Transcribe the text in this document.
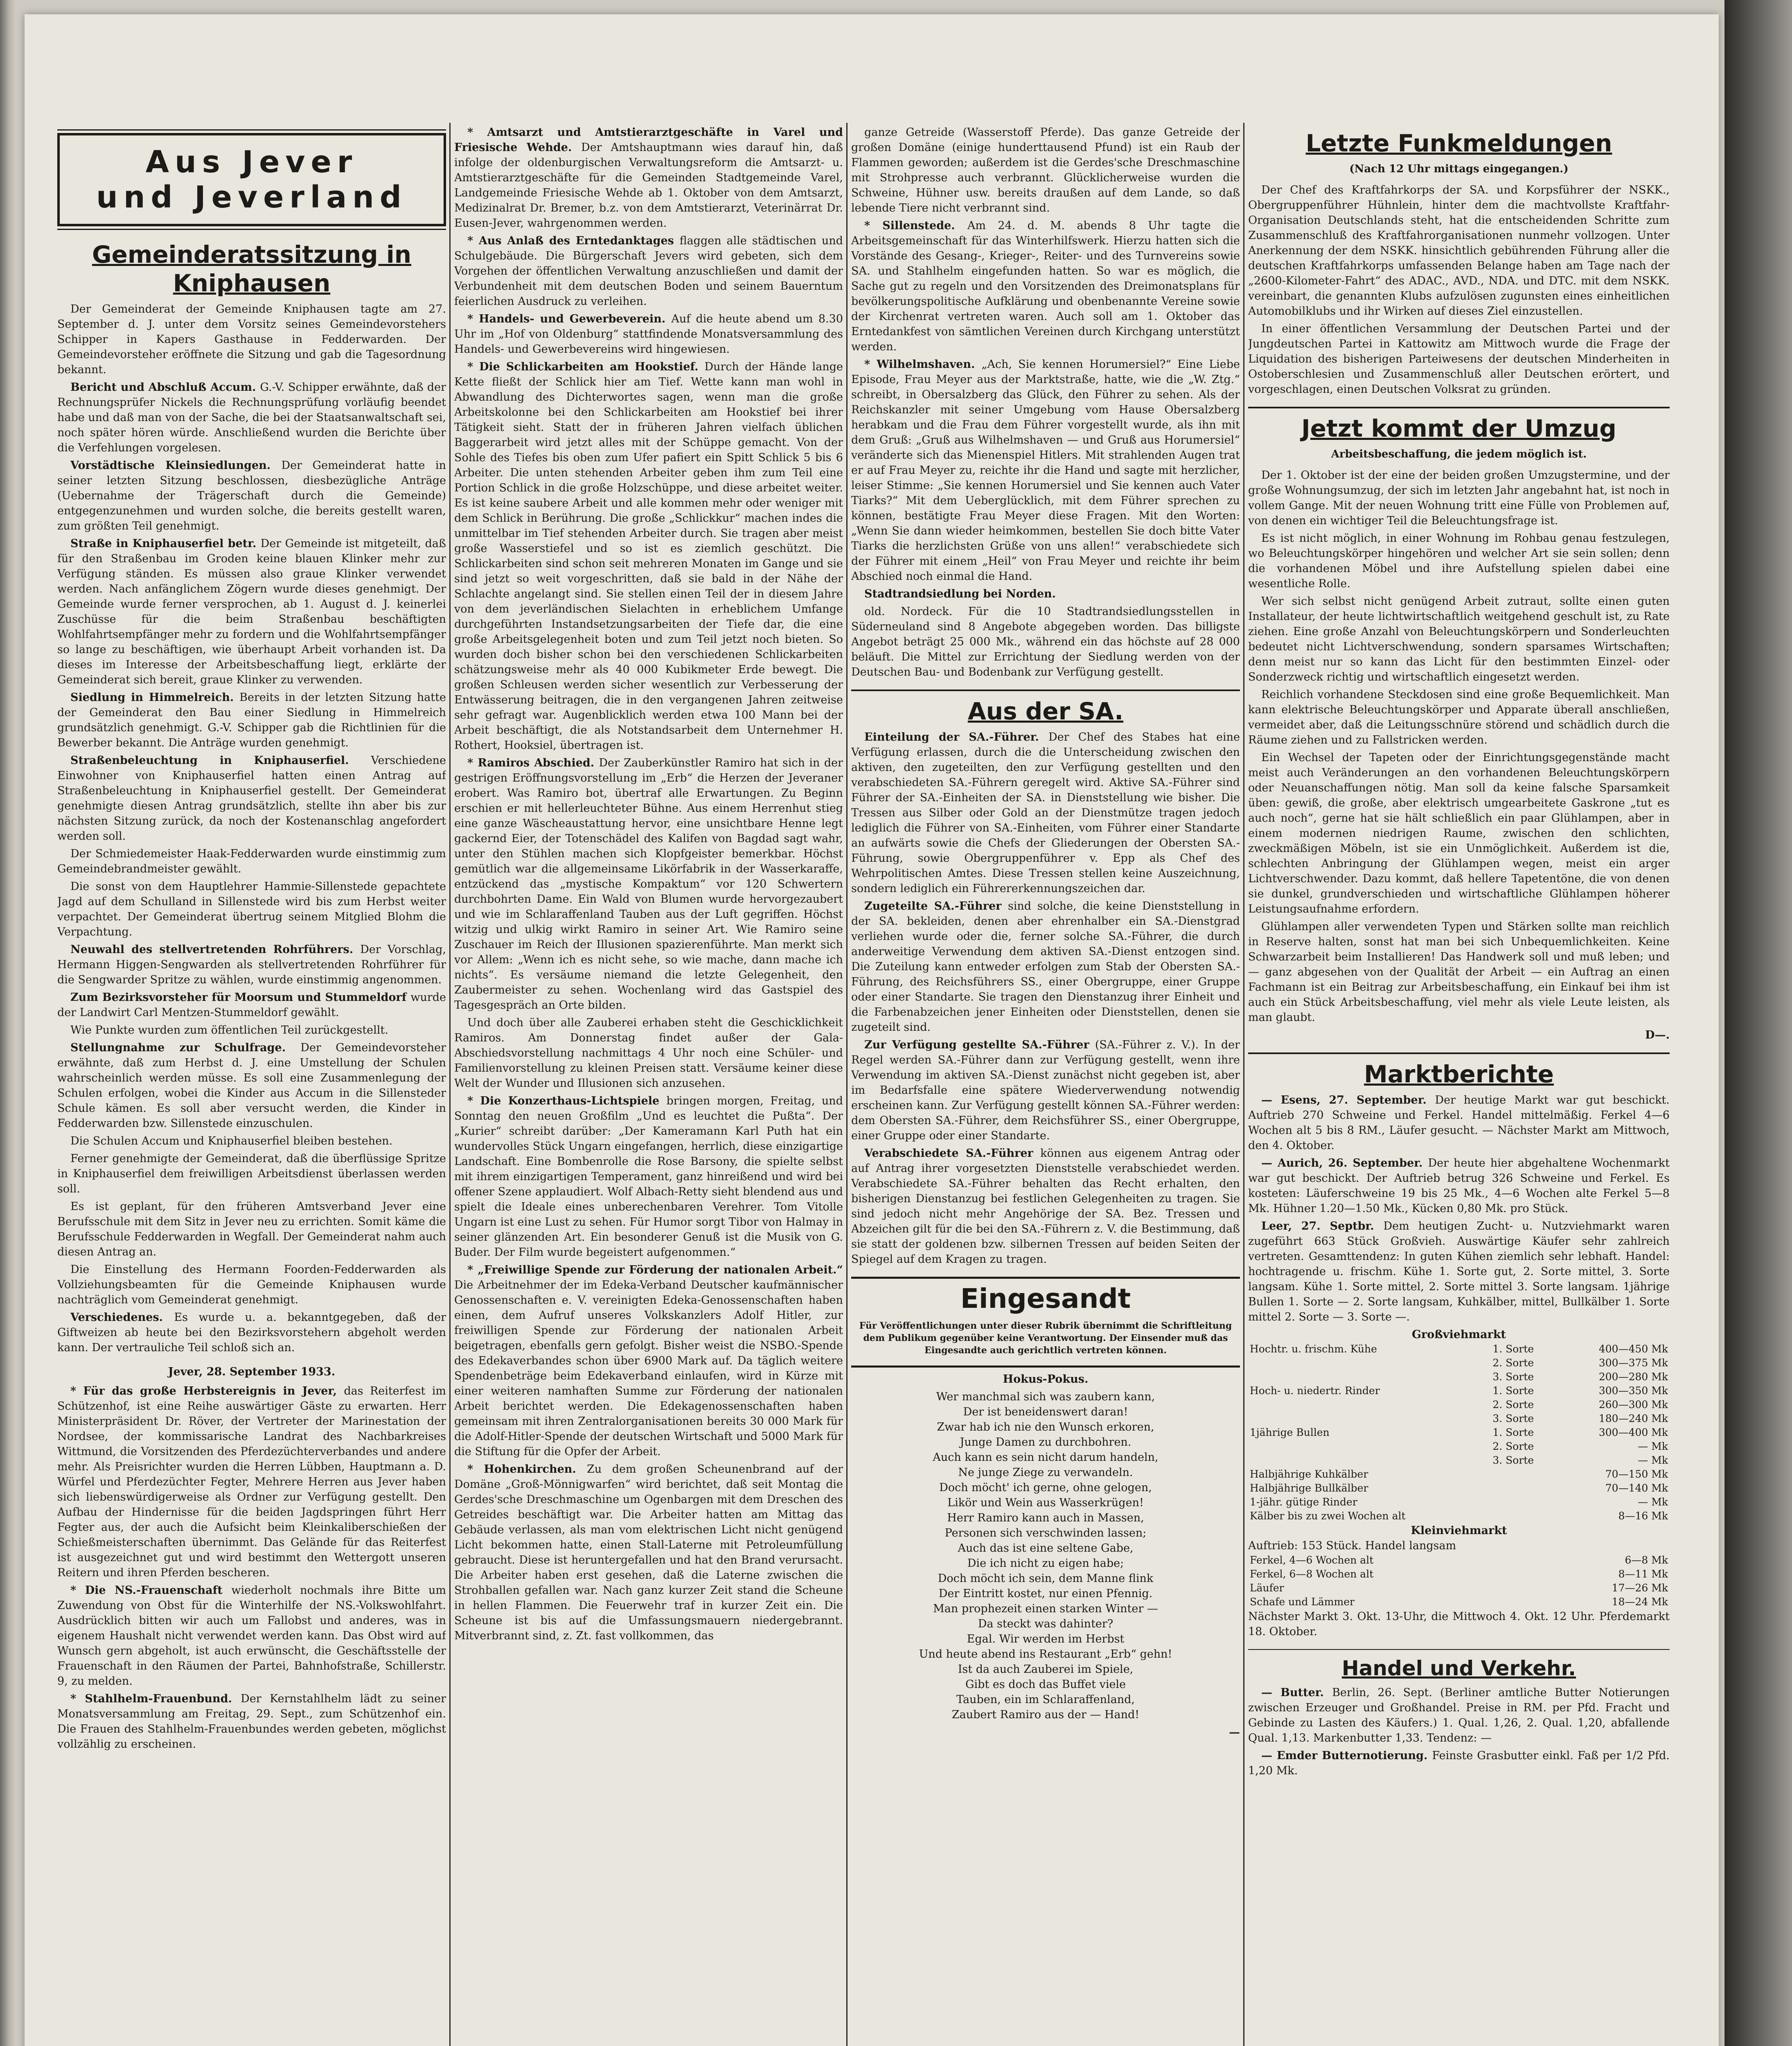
Aus Jever
und Jeverland
Gemeinderatssitzung in Kniphausen

Der Gemeinderat der Gemeinde Kniphausen tagte am 27. September d. J. unter dem Vorsitz seines Gemeindevorstehers Schipper in Kapers Gasthause in Fedderwarden. Der Gemeindevorsteher eröffnete die Sitzung und gab die Tagesordnung bekannt.

Bericht und Abschluß Accum. G.-V. Schipper erwähnte, daß der Rechnungsprüfer Nickels die Rechnungsprüfung vorläufig beendet habe und daß man von der Sache, die bei der Staatsanwaltschaft sei, noch später hören würde. Anschließend wurden die Berichte über die Verfehlungen vorgelesen.

Vorstädtische Kleinsiedlungen. Der Gemeinderat hatte in seiner letzten Sitzung beschlossen, diesbezügliche Anträge (Uebernahme der Trägerschaft durch die Gemeinde) entgegenzunehmen und wurden solche, die bereits gestellt waren, zum größten Teil genehmigt.

Straße in Kniphauserfiel betr. Der Gemeinde ist mitgeteilt, daß für den Straßenbau im Groden keine blauen Klinker mehr zur Verfügung ständen. Es müssen also graue Klinker verwendet werden. Nach anfänglichem Zögern wurde dieses genehmigt. Der Gemeinde wurde ferner versprochen, ab 1. August d. J. keinerlei Zuschüsse für die beim Straßenbau beschäftigten Wohlfahrtsempfänger mehr zu fordern und die Wohlfahrtsempfänger so lange zu beschäftigen, wie überhaupt Arbeit vorhanden ist. Da dieses im Interesse der Arbeitsbeschaffung liegt, erklärte der Gemeinderat sich bereit, graue Klinker zu verwenden.

Siedlung in Himmelreich. Bereits in der letzten Sitzung hatte der Gemeinderat den Bau einer Siedlung in Himmelreich grundsätzlich genehmigt. G.-V. Schipper gab die Richtlinien für die Bewerber bekannt. Die Anträge wurden genehmigt.

Straßenbeleuchtung in Kniphauserfiel. Verschiedene Einwohner von Kniphauserfiel hatten einen Antrag auf Straßenbeleuchtung in Kniphauserfiel gestellt. Der Gemeinderat genehmigte diesen Antrag grundsätzlich, stellte ihn aber bis zur nächsten Sitzung zurück, da noch der Kostenanschlag angefordert werden soll.

Der Schmiedemeister Haak-Fedderwarden wurde einstimmig zum Gemeindebrandmeister gewählt.

Die sonst von dem Hauptlehrer Hammie-Sillenstede gepachtete Jagd auf dem Schulland in Sillenstede wird bis zum Herbst weiter verpachtet. Der Gemeinderat übertrug seinem Mitglied Blohm die Verpachtung.

Neuwahl des stellvertretenden Rohrführers. Der Vorschlag, Hermann Higgen-Sengwarden als stellvertretenden Rohrführer für die Sengwarder Spritze zu wählen, wurde einstimmig angenommen.

Zum Bezirksvorsteher für Moorsum und Stummeldorf wurde der Landwirt Carl Mentzen-Stummeldorf gewählt.

Wie Punkte wurden zum öffentlichen Teil zurückgestellt.

Stellungnahme zur Schulfrage. Der Gemeindevorsteher erwähnte, daß zum Herbst d. J. eine Umstellung der Schulen wahrscheinlich werden müsse. Es soll eine Zusammenlegung der Schulen erfolgen, wobei die Kinder aus Accum in die Sillensteder Schule kämen. Es soll aber versucht werden, die Kinder in Fedderwarden bzw. Sillenstede einzuschulen.

Die Schulen Accum und Kniphauserfiel bleiben bestehen.

Ferner genehmigte der Gemeinderat, daß die überflüssige Spritze in Kniphauserfiel dem freiwilligen Arbeitsdienst überlassen werden soll.

Es ist geplant, für den früheren Amtsverband Jever eine Berufsschule mit dem Sitz in Jever neu zu errichten. Somit käme die Berufsschule Fedderwarden in Wegfall. Der Gemeinderat nahm auch diesen Antrag an.

Die Einstellung des Hermann Foorden-Fedderwarden als Vollziehungsbeamten für die Gemeinde Kniphausen wurde nachträglich vom Gemeinderat genehmigt.

Verschiedenes. Es wurde u. a. bekanntgegeben, daß der Giftweizen ab heute bei den Bezirksvorstehern abgeholt werden kann. Der vertrauliche Teil schloß sich an.

Jever, 28. September 1933.

* Für das große Herbstereignis in Jever, das Reiterfest im Schützenhof, ist eine Reihe auswärtiger Gäste zu erwarten. Herr Ministerpräsident Dr. Röver, der Vertreter der Marinestation der Nordsee, der kommissarische Landrat des Nachbarkreises Wittmund, die Vorsitzenden des Pferdezüchterverbandes und andere mehr. Als Preisrichter wurden die Herren Lübben, Hauptmann a. D. Würfel und Pferdezüchter Fegter, Mehrere Herren aus Jever haben sich liebenswürdigerweise als Ordner zur Verfügung gestellt. Den Aufbau der Hindernisse für die beiden Jagdspringen führt Herr Fegter aus, der auch die Aufsicht beim Kleinkaliberschießen der Schießmeisterschaften übernimmt. Das Gelände für das Reiterfest ist ausgezeichnet gut und wird bestimmt den Wettergott unseren Reitern und ihren Pferden bescheren.

* Die NS.-Frauenschaft wiederholt nochmals ihre Bitte um Zuwendung von Obst für die Winterhilfe der NS.-Volkswohlfahrt. Ausdrücklich bitten wir auch um Fallobst und anderes, was in eigenem Haushalt nicht verwendet werden kann. Das Obst wird auf Wunsch gern abgeholt, ist auch erwünscht, die Geschäftsstelle der Frauenschaft in den Räumen der Partei, Bahnhofstraße, Schillerstr. 9, zu melden.

* Stahlhelm-Frauenbund. Der Kernstahlhelm lädt zu seiner Monatsversammlung am Freitag, 29. Sept., zum Schützenhof ein. Die Frauen des Stahlhelm-Frauenbundes werden gebeten, möglichst vollzählig zu erscheinen.

* Amtsarzt und Amtstierarztgeschäfte in Varel und Friesische Wehde. Der Amtshauptmann wies darauf hin, daß infolge der oldenburgischen Verwaltungsreform die Amtsarzt- u. Amtstierarztgeschäfte für die Gemeinden Stadtgemeinde Varel, Landgemeinde Friesische Wehde ab 1. Oktober von dem Amtsarzt, Medizinalrat Dr. Bremer, b.z. von dem Amtstierarzt, Veterinärrat Dr. Eusen-Jever, wahrgenommen werden.

* Aus Anlaß des Erntedanktages flaggen alle städtischen und Schulgebäude. Die Bürgerschaft Jevers wird gebeten, sich dem Vorgehen der öffentlichen Verwaltung anzuschließen und damit der Verbundenheit mit dem deutschen Boden und seinem Bauerntum feierlichen Ausdruck zu verleihen.

* Handels- und Gewerbeverein. Auf die heute abend um 8.30 Uhr im „Hof von Oldenburg“ stattfindende Monatsversammlung des Handels- und Gewerbevereins wird hingewiesen.

* Die Schlickarbeiten am Hookstief. Durch der Hände lange Kette fließt der Schlick hier am Tief. Wette kann man wohl in Abwandlung des Dichterwortes sagen, wenn man die große Arbeitskolonne bei den Schlickarbeiten am Hookstief bei ihrer Tätigkeit sieht. Statt der in früheren Jahren vielfach üblichen Baggerarbeit wird jetzt alles mit der Schüppe gemacht. Von der Sohle des Tiefes bis oben zum Ufer pafiert ein Spitt Schlick 5 bis 6 Arbeiter. Die unten stehenden Arbeiter geben ihm zum Teil eine Portion Schlick in die große Holzschüppe, und diese arbeitet weiter. Es ist keine saubere Arbeit und alle kommen mehr oder weniger mit dem Schlick in Berührung. Die große „Schlickkur“ machen indes die unmittelbar im Tief stehenden Arbeiter durch. Sie tragen aber meist große Wasserstiefel und so ist es ziemlich geschützt. Die Schlickarbeiten sind schon seit mehreren Monaten im Gange und sie sind jetzt so weit vorgeschritten, daß sie bald in der Nähe der Schlachte angelangt sind. Sie stellen einen Teil der in diesem Jahre von dem jeverländischen Sielachten in erheblichem Umfange durchgeführten Instandsetzungsarbeiten der Tiefe dar, die eine große Arbeitsgelegenheit boten und zum Teil jetzt noch bieten. So wurden doch bisher schon bei den verschiedenen Schlickarbeiten schätzungsweise mehr als 40 000 Kubikmeter Erde bewegt. Die großen Schleusen werden sicher wesentlich zur Verbesserung der Entwässerung beitragen, die in den vergangenen Jahren zeitweise sehr gefragt war. Augenblicklich werden etwa 100 Mann bei der Arbeit beschäftigt, die als Notstandsarbeit dem Unternehmer H. Rothert, Hooksiel, übertragen ist.

* Ramiros Abschied. Der Zauberkünstler Ramiro hat sich in der gestrigen Eröffnungsvorstellung im „Erb“ die Herzen der Jeveraner erobert. Was Ramiro bot, übertraf alle Erwartungen. Zu Beginn erschien er mit hellerleuchteter Bühne. Aus einem Herrenhut stieg eine ganze Wäscheaustattung hervor, eine unsichtbare Henne legt gackernd Eier, der Totenschädel des Kalifen von Bagdad sagt wahr, unter den Stühlen machen sich Klopfgeister bemerkbar. Höchst gemütlich war die allgemeinsame Likörfabrik in der Wasserkaraffe, entzückend das „mystische Kompaktum“ vor 120 Schwertern durchbohrten Dame. Ein Wald von Blumen wurde hervorgezaubert und wie im Schlaraffenland Tauben aus der Luft gegriffen. Höchst witzig und ulkig wirkt Ramiro in seiner Art. Wie Ramiro seine Zuschauer im Reich der Illusionen spazierenführte. Man merkt sich vor Allem: „Wenn ich es nicht sehe, so wie mache, dann mache ich nichts“. Es versäume niemand die letzte Gelegenheit, den Zaubermeister zu sehen. Wochenlang wird das Gastspiel des Tagesgespräch an Orte bilden.

Und doch über alle Zauberei erhaben steht die Geschicklichkeit Ramiros. Am Donnerstag findet außer der Gala-Abschiedsvorstellung nachmittags 4 Uhr noch eine Schüler- und Familienvorstellung zu kleinen Preisen statt. Versäume keiner diese Welt der Wunder und Illusionen sich anzusehen.

* Die Konzerthaus-Lichtspiele bringen morgen, Freitag, und Sonntag den neuen Großfilm „Und es leuchtet die Pußta“. Der „Kurier“ schreibt darüber: „Der Kameramann Karl Puth hat ein wundervolles Stück Ungarn eingefangen, herrlich, diese einzigartige Landschaft. Eine Bombenrolle die Rose Barsony, die spielte selbst mit ihrem einzigartigen Temperament, ganz hinreißend und wird bei offener Szene applaudiert. Wolf Albach-Retty sieht blendend aus und spielt die Ideale eines unberechenbaren Verehrer. Tom Vitolle Ungarn ist eine Lust zu sehen. Für Humor sorgt Tibor von Halmay in seiner glänzenden Art. Ein besonderer Genuß ist die Musik von G. Buder. Der Film wurde begeistert aufgenommen.“

* „Freiwillige Spende zur Förderung der nationalen Arbeit.“ Die Arbeitnehmer der im Edeka-Verband Deutscher kaufmännischer Genossenschaften e. V. vereinigten Edeka-Genossenschaften haben einen, dem Aufruf unseres Volkskanzlers Adolf Hitler, zur freiwilligen Spende zur Förderung der nationalen Arbeit beigetragen, ebenfalls gern gefolgt. Bisher weist die NSBO.-Spende des Edekaverbandes schon über 6900 Mark auf. Da täglich weitere Spendenbeträge beim Edekaverband einlaufen, wird in Kürze mit einer weiteren namhaften Summe zur Förderung der nationalen Arbeit berichtet werden. Die Edekagenossenschaften haben gemeinsam mit ihren Zentralorganisationen bereits 30 000 Mark für die Adolf-Hitler-Spende der deutschen Wirtschaft und 5000 Mark für die Stiftung für die Opfer der Arbeit.

* Hohenkirchen. Zu dem großen Scheunenbrand auf der Domäne „Groß-Mönnigwarfen“ wird berichtet, daß seit Montag die Gerdes'sche Dreschmaschine um Ogenbargen mit dem Dreschen des Getreides beschäftigt war. Die Arbeiter hatten am Mittag das Gebäude verlassen, als man vom elektrischen Licht nicht genügend Licht bekommen hatte, einen Stall-Laterne mit Petroleumfüllung gebraucht. Diese ist heruntergefallen und hat den Brand verursacht. Die Arbeiter haben erst gesehen, daß die Laterne zwischen die Strohballen gefallen war. Nach ganz kurzer Zeit stand die Scheune in hellen Flammen. Die Feuerwehr traf in kurzer Zeit ein. Die Scheune ist bis auf die Umfassungsmauern niedergebrannt. Mitverbrannt sind, z. Zt. fast vollkommen, das

ganze Getreide (Wasserstoff Pferde). Das ganze Getreide der großen Domäne (einige hunderttausend Pfund) ist ein Raub der Flammen geworden; außerdem ist die Gerdes'sche Dreschmaschine mit Strohpresse auch verbrannt. Glücklicherweise wurden die Schweine, Hühner usw. bereits draußen auf dem Lande, so daß lebende Tiere nicht verbrannt sind.

* Sillenstede. Am 24. d. M. abends 8 Uhr tagte die Arbeitsgemeinschaft für das Winterhilfswerk. Hierzu hatten sich die Vorstände des Gesang-, Krieger-, Reiter- und des Turnvereins sowie SA. und Stahlhelm eingefunden hatten. So war es möglich, die Sache gut zu regeln und den Vorsitzenden des Dreimonatsplans für bevölkerungspolitische Aufklärung und obenbenannte Vereine sowie der Kirchenrat vertreten waren. Auch soll am 1. Oktober das Erntedankfest von sämtlichen Vereinen durch Kirchgang unterstützt werden.

* Wilhelmshaven. „Ach, Sie kennen Horumersiel?“ Eine Liebe Episode, Frau Meyer aus der Marktstraße, hatte, wie die „W. Ztg.“ schreibt, in Obersalzberg das Glück, den Führer zu sehen. Als der Reichskanzler mit seiner Umgebung vom Hause Obersalzberg herabkam und die Frau dem Führer vorgestellt wurde, als ihn mit dem Gruß: „Gruß aus Wilhelmshaven — und Gruß aus Horumersiel“ veränderte sich das Mienenspiel Hitlers. Mit strahlenden Augen trat er auf Frau Meyer zu, reichte ihr die Hand und sagte mit herzlicher, leiser Stimme: „Sie kennen Horumersiel und Sie kennen auch Vater Tiarks?“ Mit dem Ueberglücklich, mit dem Führer sprechen zu können, bestätigte Frau Meyer diese Fragen. Mit den Worten: „Wenn Sie dann wieder heimkommen, bestellen Sie doch bitte Vater Tiarks die herzlichsten Grüße von uns allen!“ verabschiedete sich der Führer mit einem „Heil“ von Frau Meyer und reichte ihr beim Abschied noch einmal die Hand.

Stadtrandsiedlung bei Norden.

old. Nordeck. Für die 10 Stadtrandsiedlungsstellen in Süderneuland sind 8 Angebote abgegeben worden. Das billigste Angebot beträgt 25 000 Mk., während ein das höchste auf 28 000 beläuft. Die Mittel zur Errichtung der Siedlung werden von der Deutschen Bau- und Bodenbank zur Verfügung gestellt.

Aus der SA.

Einteilung der SA.-Führer. Der Chef des Stabes hat eine Verfügung erlassen, durch die die Unterscheidung zwischen den aktiven, den zugeteilten, den zur Verfügung gestellten und den verabschiedeten SA.-Führern geregelt wird. Aktive SA.-Führer sind Führer der SA.-Einheiten der SA. in Dienststellung wie bisher. Die Tressen aus Silber oder Gold an der Dienstmütze tragen jedoch lediglich die Führer von SA.-Einheiten, vom Führer einer Standarte an aufwärts sowie die Chefs der Gliederungen der Obersten SA.-Führung, sowie Obergruppenführer v. Epp als Chef des Wehrpolitischen Amtes. Diese Tressen stellen keine Auszeichnung, sondern lediglich ein Führererkennungszeichen dar.

Zugeteilte SA.-Führer sind solche, die keine Dienststellung in der SA. bekleiden, denen aber ehrenhalber ein SA.-Dienstgrad verliehen wurde oder die, ferner solche SA.-Führer, die durch anderweitige Verwendung dem aktiven SA.-Dienst entzogen sind. Die Zuteilung kann entweder erfolgen zum Stab der Obersten SA.-Führung, des Reichsführers SS., einer Obergruppe, einer Gruppe oder einer Standarte. Sie tragen den Dienstanzug ihrer Einheit und die Farbenabzeichen jener Einheiten oder Dienststellen, denen sie zugeteilt sind.

Zur Verfügung gestellte SA.-Führer (SA.-Führer z. V.). In der Regel werden SA.-Führer dann zur Verfügung gestellt, wenn ihre Verwendung im aktiven SA.-Dienst zunächst nicht gegeben ist, aber im Bedarfsfalle eine spätere Wiederverwendung notwendig erscheinen kann. Zur Verfügung gestellt können SA.-Führer werden: dem Obersten SA.-Führer, dem Reichsführer SS., einer Obergruppe, einer Gruppe oder einer Standarte.

Verabschiedete SA.-Führer können aus eigenem Antrag oder auf Antrag ihrer vorgesetzten Dienststelle verabschiedet werden. Verabschiedete SA.-Führer behalten das Recht erhalten, den bisherigen Dienstanzug bei festlichen Gelegenheiten zu tragen. Sie sind jedoch nicht mehr Angehörige der SA. Bez. Tressen und Abzeichen gilt für die bei den SA.-Führern z. V. die Bestimmung, daß sie statt der goldenen bzw. silbernen Tressen auf beiden Seiten der Spiegel auf dem Kragen zu tragen.

Eingesandt
Für Veröffentlichungen unter dieser Rubrik übernimmt die Schriftleitung dem Publikum gegenüber keine Verantwortung. Der Einsender muß das Eingesandte auch gerichtlich vertreten können.
Hokus-Pokus.
Wer manchmal sich was zaubern kann,
Der ist beneidenswert daran!
Zwar hab ich nie den Wunsch erkoren,
Junge Damen zu durchbohren.
Auch kann es sein nicht darum handeln,
Ne junge Ziege zu verwandeln.
Doch möcht' ich gerne, ohne gelogen,
Likör und Wein aus Wasserkrügen!
Herr Ramiro kann auch in Massen,
Personen sich verschwinden lassen;
Auch das ist eine seltene Gabe,
Die ich nicht zu eigen habe;
Doch möcht ich sein, dem Manne flink
Der Eintritt kostet, nur einen Pfennig.
Man prophezeit einen starken Winter —
Da steckt was dahinter?
Egal. Wir werden im Herbst
Und heute abend ins Restaurant „Erb“ gehn!
Ist da auch Zauberei im Spiele,
Gibt es doch das Buffet viele
Tauben, ein im Schlaraffenland,
Zaubert Ramiro aus der — Hand!
—
Letzte Funkmeldungen
(Nach 12 Uhr mittags eingegangen.)

Der Chef des Kraftfahrkorps der SA. und Korpsführer der NSKK., Obergruppenführer Hühnlein, hinter dem die machtvollste Kraftfahr-Organisation Deutschlands steht, hat die entscheidenden Schritte zum Zusammenschluß des Kraftfahrorganisationen nunmehr vollzogen. Unter Anerkennung der dem NSKK. hinsichtlich gebührenden Führung aller die deutschen Kraftfahrkorps umfassenden Belange haben am Tage nach der „2600-Kilometer-Fahrt“ des ADAC., AVD., NDA. und DTC. mit dem NSKK. vereinbart, die genannten Klubs aufzulösen zugunsten eines einheitlichen Automobilklubs und ihr Wirken auf dieses Ziel einzustellen.

In einer öffentlichen Versammlung der Deutschen Partei und der Jungdeutschen Partei in Kattowitz am Mittwoch wurde die Frage der Liquidation des bisherigen Parteiwesens der deutschen Minderheiten in Ostoberschlesien und Zusammenschluß aller Deutschen erörtert, und vorgeschlagen, einen Deutschen Volksrat zu gründen.

Jetzt kommt der Umzug
Arbeitsbeschaffung, die jedem möglich ist.

Der 1. Oktober ist der eine der beiden großen Umzugstermine, und der große Wohnungsumzug, der sich im letzten Jahr angebahnt hat, ist noch in vollem Gange. Mit der neuen Wohnung tritt eine Fülle von Problemen auf, von denen ein wichtiger Teil die Beleuchtungsfrage ist.

Es ist nicht möglich, in einer Wohnung im Rohbau genau festzulegen, wo Beleuchtungskörper hingehören und welcher Art sie sein sollen; denn die vorhandenen Möbel und ihre Aufstellung spielen dabei eine wesentliche Rolle.

Wer sich selbst nicht genügend Arbeit zutraut, sollte einen guten Installateur, der heute lichtwirtschaftlich weitgehend geschult ist, zu Rate ziehen. Eine große Anzahl von Beleuchtungskörpern und Sonderleuchten bedeutet nicht Lichtverschwendung, sondern sparsames Wirtschaften; denn meist nur so kann das Licht für den bestimmten Einzel- oder Sonderzweck richtig und wirtschaftlich eingesetzt werden.

Reichlich vorhandene Steckdosen sind eine große Bequemlichkeit. Man kann elektrische Beleuchtungskörper und Apparate überall anschließen, vermeidet aber, daß die Leitungsschnüre störend und schädlich durch die Räume ziehen und zu Fallstricken werden.

Ein Wechsel der Tapeten oder der Einrichtungsgegenstände macht meist auch Veränderungen an den vorhandenen Beleuchtungskörpern oder Neuanschaffungen nötig. Man soll da keine falsche Sparsamkeit üben: gewiß, die große, aber elektrisch umgearbeitete Gaskrone „tut es auch noch“, gerne hat sie hält schließlich ein paar Glühlampen, aber in einem modernen niedrigen Raume, zwischen den schlichten, zweckmäßigen Möbeln, ist sie ein Unmöglichkeit. Außerdem ist die, schlechten Anbringung der Glühlampen wegen, meist ein arger Lichtverschwender. Dazu kommt, daß hellere Tapetentöne, die von denen sie dunkel, grundverschieden und wirtschaftliche Glühlampen höherer Leistungsaufnahme erfordern.

Glühlampen aller verwendeten Typen und Stärken sollte man reichlich in Reserve halten, sonst hat man bei sich Unbequemlichkeiten. Keine Schwarzarbeit beim Installieren! Das Handwerk soll und muß leben; und — ganz abgesehen von der Qualität der Arbeit — ein Auftrag an einen Fachmann ist ein Beitrag zur Arbeitsbeschaffung, ein Einkauf bei ihm ist auch ein Stück Arbeitsbeschaffung, viel mehr als viele Leute leisten, als man glaubt.

D—.
Marktberichte

— Esens, 27. September. Der heutige Markt war gut beschickt. Auftrieb 270 Schweine und Ferkel. Handel mittelmäßig. Ferkel 4—6 Wochen alt 5 bis 8 RM., Läufer gesucht. — Nächster Markt am Mittwoch, den 4. Oktober.

— Aurich, 26. September. Der heute hier abgehaltene Wochenmarkt war gut beschickt. Der Auftrieb betrug 326 Schweine und Ferkel. Es kosteten: Läuferschweine 19 bis 25 Mk., 4—6 Wochen alte Ferkel 5—8 Mk. Hühner 1.20—1.50 Mk., Kücken 0,80 Mk. pro Stück.

Leer, 27. Septbr. Dem heutigen Zucht- u. Nutzviehmarkt waren zugeführt 663 Stück Großvieh. Auswärtige Käufer sehr zahlreich vertreten. Gesamttendenz: In guten Kühen ziemlich sehr lebhaft. Handel: hochtragende u. frischm. Kühe 1. Sorte gut, 2. Sorte mittel, 3. Sorte langsam. Kühe 1. Sorte mittel, 2. Sorte mittel 3. Sorte langsam. 1jährige Bullen 1. Sorte — 2. Sorte langsam, Kuhkälber, mittel, Bullkälber 1. Sorte mittel 2. Sorte — 3. Sorte —.

Großviehmarkt
Hochtr. u. frischm. Kühe	1. Sorte	400—450 Mk
	2. Sorte	300—375 Mk
	3. Sorte	200—280 Mk
Hoch- u. niedertr. Rinder	1. Sorte	300—350 Mk
	2. Sorte	260—300 Mk
	3. Sorte	180—240 Mk
1jährige Bullen	1. Sorte	300—400 Mk
	2. Sorte	— Mk
	3. Sorte	— Mk
Halbjährige Kuhkälber		70—150 Mk
Halbjährige Bullkälber		70—140 Mk
1-jähr. gütige Rinder		— Mk
Kälber bis zu zwei Wochen alt		8—16 Mk
Kleinviehmarkt
Auftrieb: 153 Stück. Handel langsam
Ferkel, 4—6 Wochen alt	6—8 Mk
Ferkel, 6—8 Wochen alt	8—11 Mk
Läufer	17—26 Mk
Schafe und Lämmer	18—24 Mk
Nächster Markt 3. Okt. 13-Uhr, die Mittwoch 4. Okt. 12 Uhr. Pferdemarkt 18. Oktober.
Handel und Verkehr.

— Butter. Berlin, 26. Sept. (Berliner amtliche Butter Notierungen zwischen Erzeuger und Großhandel. Preise in RM. per Pfd. Fracht und Gebinde zu Lasten des Käufers.) 1. Qual. 1,26, 2. Qual. 1,20, abfallende Qual. 1,13. Markenbutter 1,33. Tendenz: —

— Emder Butternotierung. Feinste Grasbutter einkl. Faß per 1/2 Pfd. 1,20 Mk.
